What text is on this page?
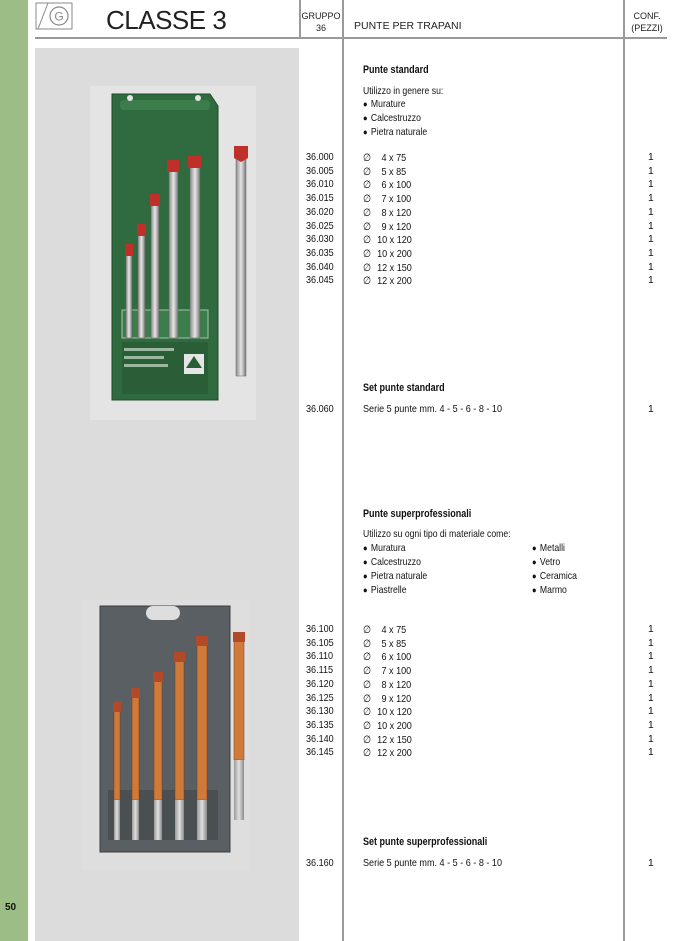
50
G CLASSE 3	GRUPPO
36	PUNTE PER TRAPANI
CONF.
(PEZZI)
Punte standard
Utilizzo in genere su:
● Murature
● Calcestruzzo
● Pietra naturale
36.000	∅ 4 x 75	1
36.005	∅ 5 x 85	1
36.010	∅ 6 x 100	1
36.015	∅ 7 x 100	1
36.020	∅ 8 x 120	1
36.025	∅ 9 x 120	1
36.030	∅ 10 x 120	1
36.035	∅ 10 x 200	1
36.040	∅ 12 x 150	1
36.045	∅ 12 x 200	1
Set punte standard
36.060	Serie 5 punte mm. 4 - 5 - 6 - 8 - 10	1
Punte superprofessionali
Utilizzo su ogni tipo di materiale come:
● Muratura
● Calcestruzzo
● Pietra naturale
● Piastrelle
● Metalli
● Vetro
● Ceramica
● Marmo
36.100	∅ 4 x 75	1
36.105	∅ 5 x 85	1
36.110	∅ 6 x 100	1
36.115	∅ 7 x 100	1
36.120	∅ 8 x 120	1
36.125	∅ 9 x 120	1
36.130	∅ 10 x 120	1
36.135	∅ 10 x 200	1
36.140	∅ 12 x 150	1
36.145	∅ 12 x 200	1
Set punte superprofessionali
36.160	Serie 5 punte mm. 4 - 5 - 6 - 8 - 10	1
